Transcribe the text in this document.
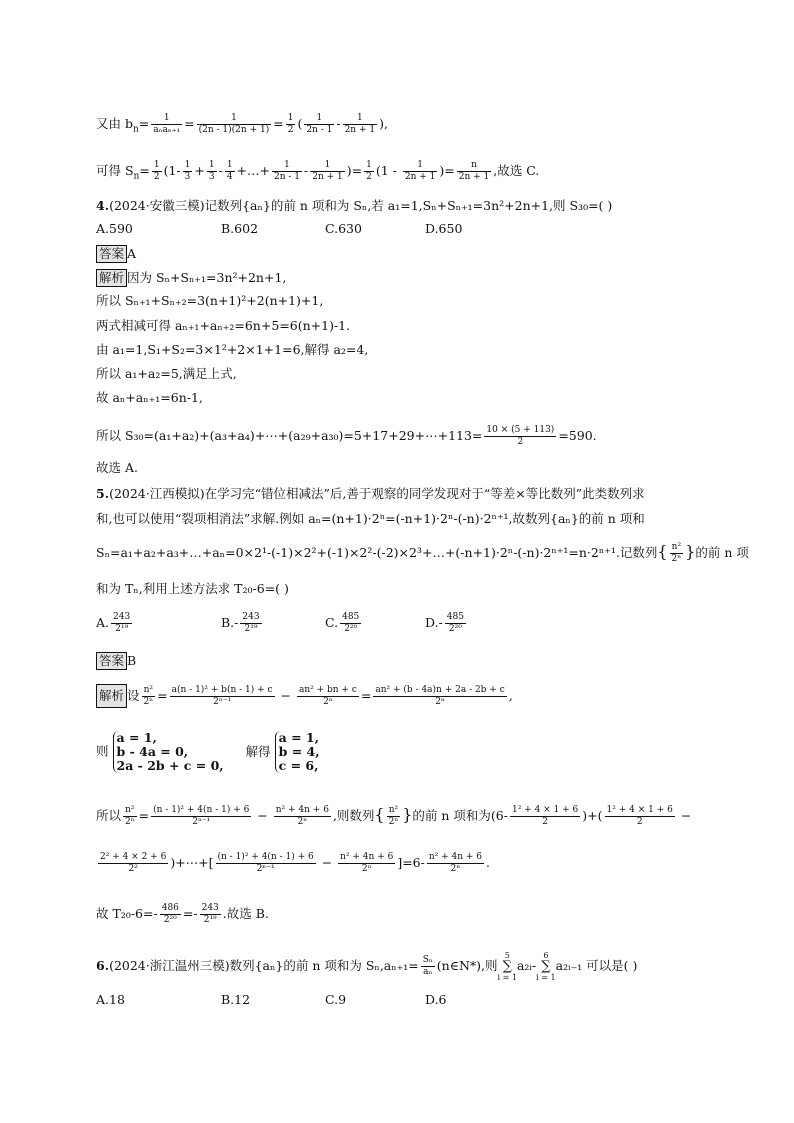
又由 $b_n= \frac{1}{\text{aₙaₙ₊₁}} = \frac{1}{(2n - 1)(2n + 1)} = \frac{1}{2}$ ( $\frac{1}{2n - 1} - \frac{1}{2n + 1}$ ),
可得 $S_n= \frac{1}{2} (1- \frac{1}{3} + \frac{1}{3} - \frac{1}{4}$ +…+ $\frac{1}{2n - 1} - \frac{1}{2n + 1}$ )= $\frac{1}{2} (1 - \frac{1}{2n + 1}$ )= $\frac{n}{2n + 1}$ ,故选 C.
4.(2024·安徽三模)记数列{aₙ}的前 n 项和为 Sₙ,若 a₁=1,Sₙ+Sₙ₊₁=3n²+2n+1,则 S₃₀=( )
A.590	B.602	C.630	D.650
答案 A
解析 因为 Sₙ+Sₙ₊₁=3n²+2n+1,
所以 Sₙ₊₁+Sₙ₊₂=3(n+1)²+2(n+1)+1,
两式相减可得 aₙ₊₁+aₙ₊₂=6n+5=6(n+1)-1.
由 a₁=1,S₁+S₂=3×1²+2×1+1=6,解得 a₂=4,
所以 a₁+a₂=5,满足上式,
故 aₙ+aₙ₊₁=6n-1,
所以 S₃₀=(a₁+a₂)+(a₃+a₄)+⋯+(a₂₉+a₃₀)=5+17+29+⋯+113= $\frac{10 \times (5 + 113)}{2} =590$.
故选 A.
5.(2024·江西模拟)在学习完“错位相减法”后,善于观察的同学发现对于“等差×等比数列”此类数列求
和,也可以使用“裂项相消法”求解.例如 aₙ=(n+1)·2ⁿ=(-n+1)·2ⁿ-(-n)·2ⁿ⁺¹,故数列{aₙ}的前 n 项和
Sₙ=a₁+a₂+a₃+…+aₙ=0×2¹-(-1)×2²+(-1)×2²-(-2)×2³+…+(-n+1)·2ⁿ-(-n)·2ⁿ⁺¹=n·2ⁿ⁺¹.记数列{ $\frac{\text{n²}}{\text{2ⁿ}}$ }的前 n 项
和为 Tₙ,利用上述方法求 T₂₀-6=( )
A. $\frac{243}{\text{2¹⁹}}$	$B.- \frac{243}{\text{2¹⁹}}$	C. $\frac{485}{\text{2²⁰}}$	$D.- \frac{485}{\text{2²⁰}}$
答案 B
解析 设 $\frac{\text{n²}}{\text{2ⁿ}} = \frac{\text{a(n - 1)² + b(n - 1) + c}}{\text{2ⁿ⁻¹}} - \frac{\text{an² + bn + c}}{\text{2ⁿ}} = \frac{\text{an² + (b - 4a)n + 2a - 2b + c}}{\text{2ⁿ}}$ ,
则
a = 1,
b - 4a = 0,
2a - 2b + c = 0,
解得
a = 1,
b = 4,
c = 6,
所以 $\frac{\text{n²}}{\text{2ⁿ}} = \frac{\text{(n - 1)² + 4(n - 1) + 6}}{\text{2ⁿ⁻¹}} - \frac{\text{n² + 4n + 6}}{\text{2ⁿ}}$ ,则数列{ $\frac{\text{n²}}{\text{2ⁿ}}$ }的前 n 项和为($6- \frac{\text{1² + 4 × 1 + 6}}{2}$ )+( $\frac{\text{1² + 4 × 1 + 6}}{2}$ −
$\frac{\text{2² + 4 × 2 + 6}}{\text{2²}}$ )+⋯+[ $\frac{\text{(n - 1)² + 4(n - 1) + 6}}{\text{2ⁿ⁻¹}} - \frac{\text{n² + 4n + 6}}{\text{2ⁿ}} ]=6- \frac{\text{n² + 4n + 6}}{\text{2ⁿ}}$ .
故 $T_{20}-6=- \frac{486}{\text{2²⁰}} =- \frac{243}{\text{2¹⁹}}$ .故选 B.
6.(2024·浙江温州三模)数列{aₙ}的前 n 项和为 $S_n,a_{n+1}= \frac{\text{Sₙ}}{\text{aₙ}}$ (n∈N*),则
5
∑
i = 1
a₂ᵢ-
6
∑
i = 1
a₂ᵢ₋₁ 可以是( )
A.18	B.12	C.9	D.6
